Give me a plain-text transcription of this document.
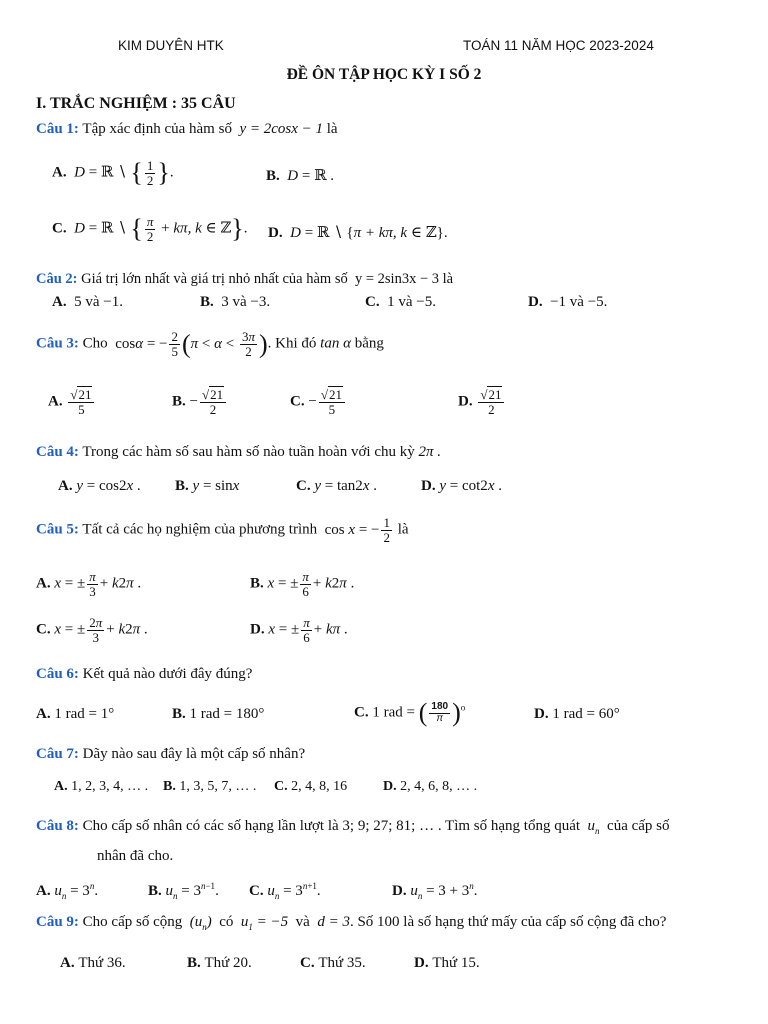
KIM DUYÊN HTK	TOÁN 11 NĂM HỌC 2023-2024
ĐỀ ÔN TẬP HỌC KỲ I SỐ 2
I. TRẮC NGHIỆM : 35 CÂU
Câu 1: Tập xác định của hàm số  y = 2cosx − 1 là
A.  D = ℝ ∖ { $\frac{1}{2}$ }.	B.  D = ℝ .
C.  D = ℝ ∖ { $\frac{\pi}{2} + k\pi$, k ∈ ℤ}. D.  D = ℝ ∖ {π + kπ, k ∈ ℤ}.
Câu 2: Giá trị lớn nhất và giá trị nhỏ nhất của hàm số  y = 2sin3x − 3 là
A. 5 và −1.	B. 3 và −3.	C. 1 và −5.	D. −1 và −5.
Câu 3: Cho  cosα = − $\frac{2}{5} (\pi < \alpha < \frac{3\pi}{2}$ ). Khi đó tan α bằng
A. $\frac{√21}{5}$	B. − $\frac{√21}{2}$	C. − $\frac{√21}{5}$	D. $\frac{√21}{2}$
Câu 4: Trong các hàm số sau hàm số nào tuần hoàn với chu kỳ 2π .
A. y = cos2x . B. y = sinx	C. y = tan2x .	D. y = cot2x .
Câu 5: Tất cả các họ nghiệm của phương trình  cos x = − $\frac{1}{2}$ là
A. x = ± $\frac{\pi}{3} + k2\pi$ .	B. x = ± $\frac{\pi}{6} + k2\pi$ .
C. x = ± $\frac{2\pi}{3} + k2\pi$ .	D. x = ± $\frac{\pi}{6} + k\pi$ .
Câu 6: Kết quả nào dưới đây đúng?
A. 1 rad = 1°	B. 1 rad = 180°	C. 1 rad = ( $\frac{180}{\pi} )^o$	D. 1 rad = 60°
Câu 7: Dãy nào sau đây là một cấp số nhân?
A. 1, 2, 3, 4, … . B. 1, 3, 5, 7, … . C. 2, 4, 8, 16	D. 2, 4, 6, 8, … .
Câu 8: Cho cấp số nhân có các số hạng lần lượt là 3; 9; 27; 81; … . Tìm số hạng tổng quát  $u_n$ của cấp số
nhân đã cho.
A. $u_n = 3^n$.	B. $u_n = 3^{n-1}$. C. $u_n = 3^{n+1}$.	D. $u_n = 3 + 3^n$.
Câu 9: Cho cấp số cộng  $(u_n)$  có  $u_1 = -5$  và  d = 3. Số 100 là số hạng thứ mấy của cấp số cộng đã cho?
A. Thứ 36.	B. Thứ 20.	C. Thứ 35.	D. Thứ 15.
